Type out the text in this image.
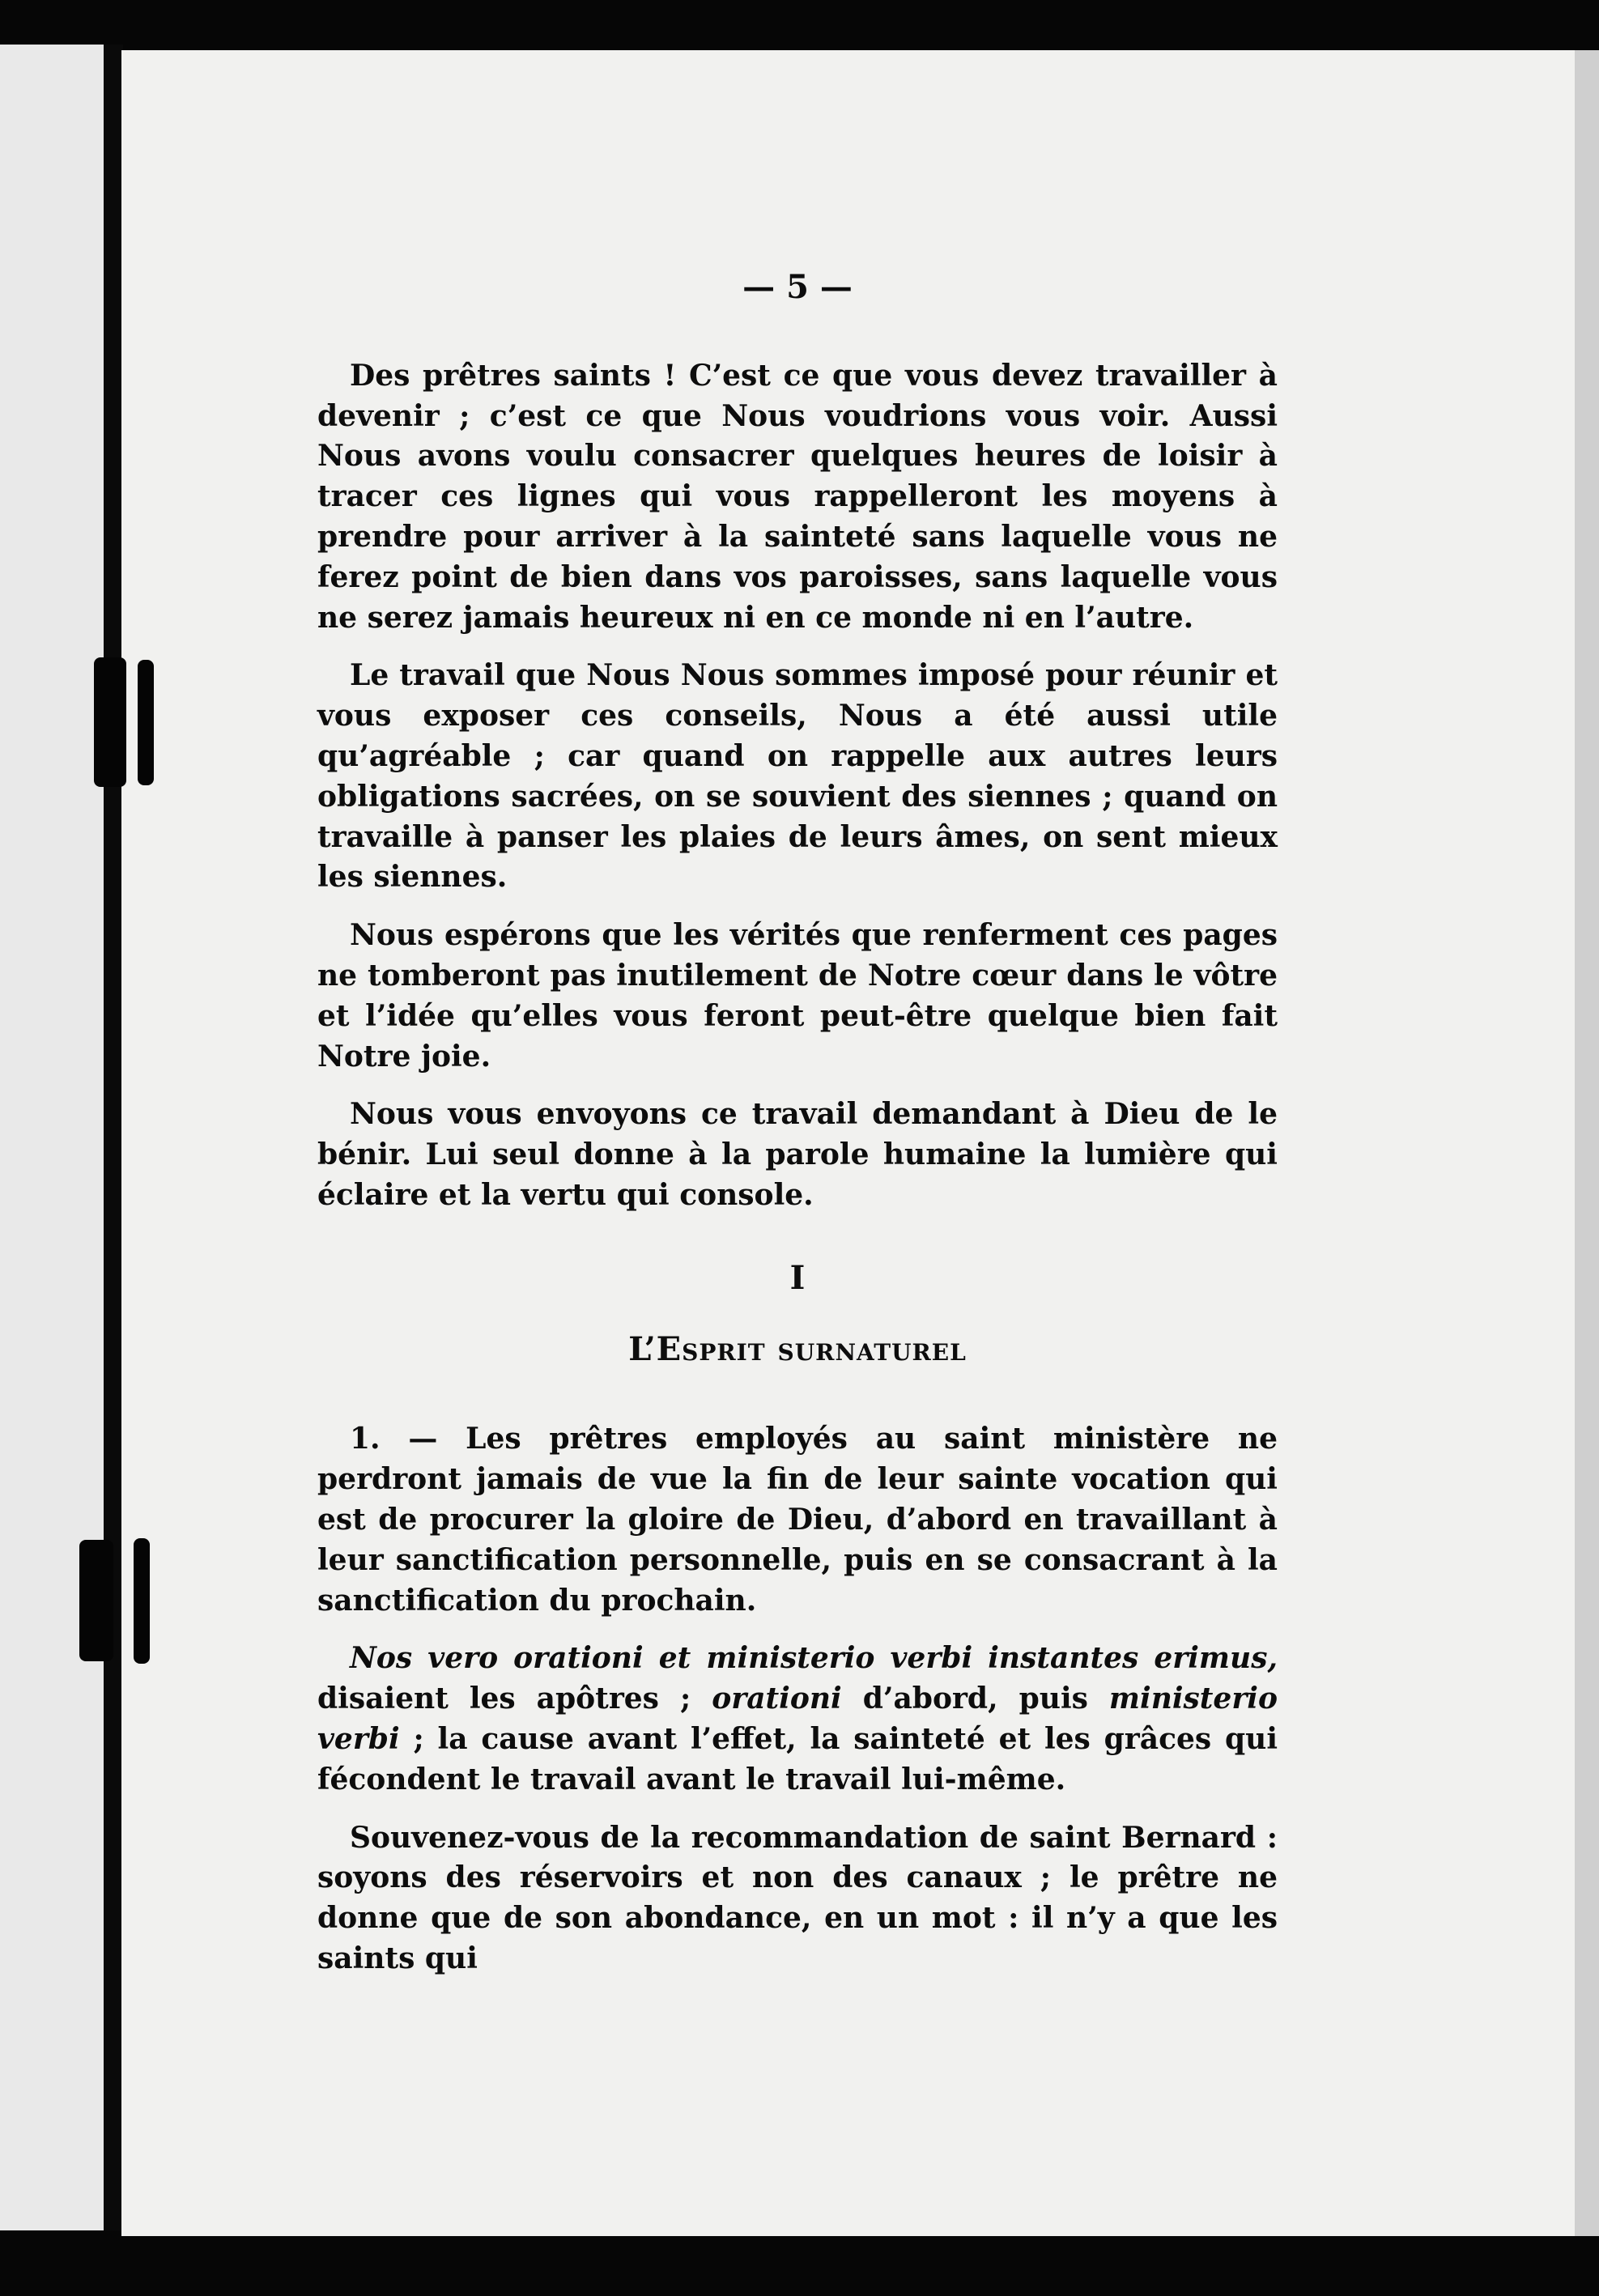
— 5 —

Des prêtres saints ! C’est ce que vous devez travailler à devenir ; c’est ce que Nous voudrions vous voir. Aussi Nous avons voulu consacrer quelques heures de loisir à tracer ces lignes qui vous rappelleront les moyens à prendre pour arriver à la sainteté sans laquelle vous ne ferez point de bien dans vos paroisses, sans laquelle vous ne serez jamais heureux ni en ce monde ni en l’autre.

Le travail que Nous Nous sommes imposé pour réunir et vous exposer ces conseils, Nous a été aussi utile qu’agréable ; car quand on rappelle aux autres leurs obligations sacrées, on se souvient des siennes ; quand on travaille à panser les plaies de leurs âmes, on sent mieux les siennes.

Nous espérons que les vérités que renferment ces pages ne tomberont pas inutilement de Notre cœur dans le vôtre et l’idée qu’elles vous feront peut-être quelque bien fait Notre joie.

Nous vous envoyons ce travail demandant à Dieu de le bénir. Lui seul donne à la parole humaine la lumière qui éclaire et la vertu qui console.

I
L’Esprit surnaturel

1. — Les prêtres employés au saint ministère ne perdront jamais de vue la fin de leur sainte vocation qui est de procurer la gloire de Dieu, d’abord en travaillant à leur sanctification personnelle, puis en se consacrant à la sanctification du prochain.

Nos vero orationi et ministerio verbi instantes erimus, disaient les apôtres ; orationi d’abord, puis ministerio verbi ; la cause avant l’effet, la sainteté et les grâces qui fécondent le travail avant le travail lui-même.

Souvenez-vous de la recommandation de saint Bernard : soyons des réservoirs et non des canaux ; le prêtre ne donne que de son abondance, en un mot : il n’y a que les saints qui
